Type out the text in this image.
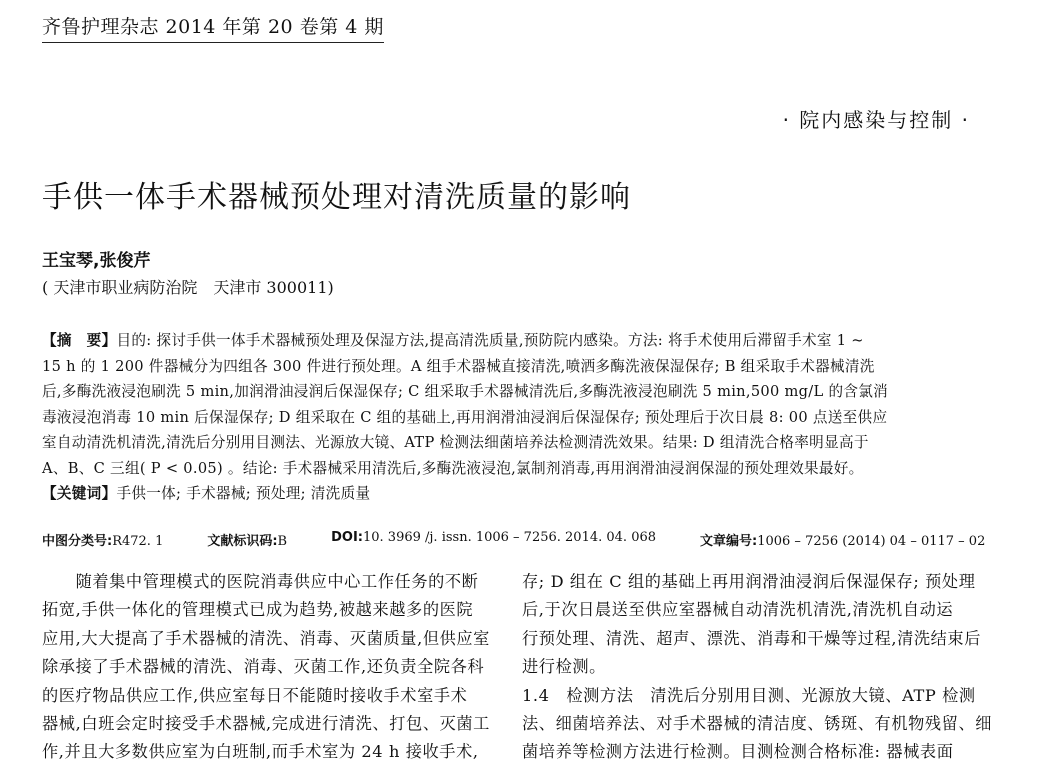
齐鲁护理杂志 2014 年第 20 卷第 4 期
· 院内感染与控制 ·
手供一体手术器械预处理对清洗质量的影响
王宝琴,张俊芹
( 天津市职业病防治院　天津市 300011)
【摘　要】目的: 探讨手供一体手术器械预处理及保湿方法,提高清洗质量,预防院内感染。方法: 将手术使用后滞留手术室 1 ~
15 h 的 1 200 件器械分为四组各 300 件进行预处理。A 组手术器械直接清洗,喷洒多酶洗液保湿保存; B 组采取手术器械清洗
后,多酶洗液浸泡刷洗 5 min,加润滑油浸润后保湿保存; C 组采取手术器械清洗后,多酶洗液浸泡刷洗 5 min,500 mg/L 的含氯消
毒液浸泡消毒 10 min 后保湿保存; D 组采取在 C 组的基础上,再用润滑油浸润后保湿保存; 预处理后于次日晨 8: 00 点送至供应
室自动清洗机清洗,清洗后分别用目测法、光源放大镜、ATP 检测法细菌培养法检测清洗效果。结果: D 组清洗合格率明显高于
A、B、C 三组( P < 0.05) 。结论: 手术器械采用清洗后,多酶洗液浸泡,氯制剂消毒,再用润滑油浸润保湿的预处理效果最好。
【关键词】 手供一体; 手术器械; 预处理; 清洗质量
中图分类号:R472. 1	文献标识码:B	DOI:10. 3969 /j. issn. 1006 – 7256. 2014. 04. 068	文章编号:1006 – 7256 (2014) 04 – 0117 – 02
　　随着集中管理模式的医院消毒供应中心工作任务的不断
拓宽,手供一体化的管理模式已成为趋势,被越来越多的医院
应用,大大提高了手术器械的清洗、消毒、灭菌质量,但供应室
除承接了手术器械的清洗、消毒、灭菌工作,还负责全院各科
的医疗物品供应工作,供应室每日不能随时接收手术室手术
器械,白班会定时接受手术器械,完成进行清洗、打包、灭菌工
作,并且大多数供应室为白班制,而手术室为 24 h 接收手术,
存; D 组在 C 组的基础上再用润滑油浸润后保湿保存; 预处理
后,于次日晨送至供应室器械自动清洗机清洗,清洗机自动运
行预处理、清洗、超声、漂洗、消毒和干燥等过程,清洗结束后
进行检测。
1.4　检测方法　清洗后分别用目测、光源放大镜、ATP 检测
法、细菌培养法、对手术器械的清洁度、锈斑、有机物残留、细
菌培养等检测方法进行检测。目测检测合格标准: 器械表面
